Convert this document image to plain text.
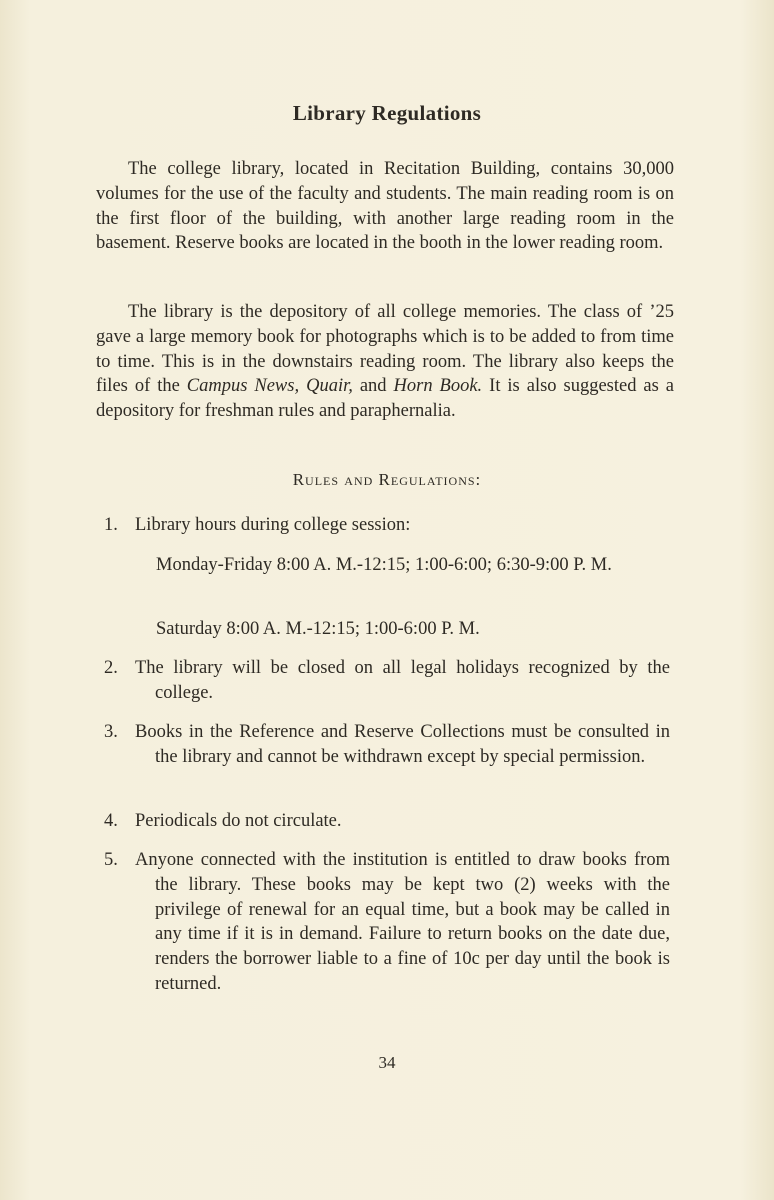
Library Regulations
The college library, located in Recitation Building, contains 30,000 volumes for the use of the faculty and students. The main reading room is on the first floor of the building, with another large reading room in the basement. Reserve books are located in the booth in the lower reading room.
The library is the depository of all college memories. The class of ’25 gave a large memory book for photographs which is to be added to from time to time. This is in the downstairs reading room. The library also keeps the files of the Campus News, Quair, and Horn Book. It is also suggested as a depository for freshman rules and paraphernalia.
Rules and Regulations:
1. Library hours during college session:
Monday-Friday 8:00 A. M.-12:15; 1:00-6:00; 6:30-9:00 P. M.
Saturday 8:00 A. M.-12:15; 1:00-6:00 P. M.
2. The library will be closed on all legal holidays recognized by the college.
3. Books in the Reference and Reserve Collections must be consulted in the library and cannot be withdrawn except by special permission.
4. Periodicals do not circulate.
5. Anyone connected with the institution is entitled to draw books from the library. These books may be kept two (2) weeks with the privilege of renewal for an equal time, but a book may be called in any time if it is in demand. Failure to return books on the date due, renders the borrower liable to a fine of 10c per day until the book is returned.
34
